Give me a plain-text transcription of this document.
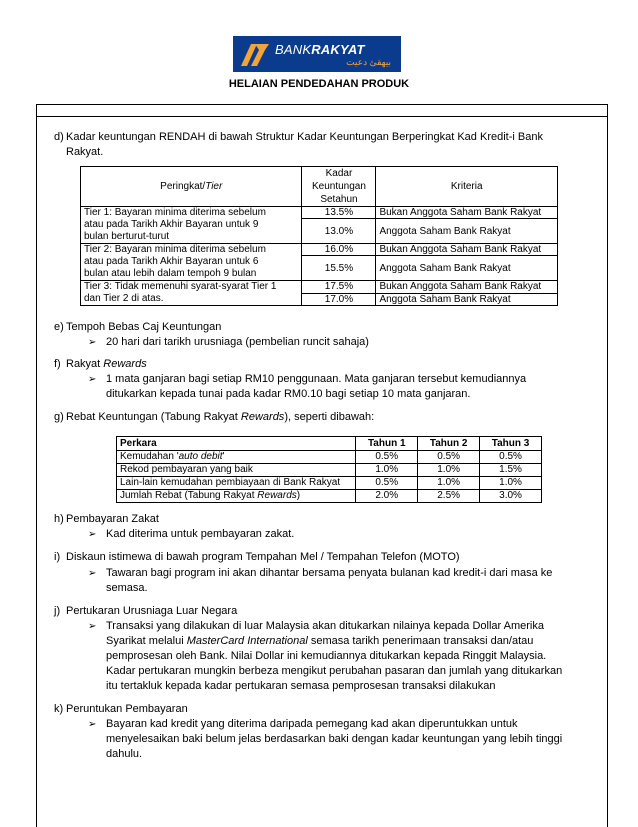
BANKRAKYAT
بيهقئ دعيت
HELAIAN PENDEDAHAN PRODUK
d) Kadar keuntungan RENDAH di bawah Struktur Kadar Keuntungan Berperingkat Kad Kredit-i Bank
Rakyat.
Peringkat/Tier	Kadar
Keuntungan
Setahun	Kriteria
Tier 1: Bayaran minima diterima sebelum
atau pada Tarikh Akhir Bayaran untuk 9
bulan berturut-turut	13.5%	Bukan Anggota Saham Bank Rakyat
	13.0%	Anggota Saham Bank Rakyat
Tier 2: Bayaran minima diterima sebelum
atau pada Tarikh Akhir Bayaran untuk 6
bulan atau lebih dalam tempoh 9 bulan	16.0%	Bukan Anggota Saham Bank Rakyat
	15.5%	Anggota Saham Bank Rakyat
Tier 3: Tidak memenuhi syarat-syarat Tier 1
dan Tier 2 di atas.	17.5%	Bukan Anggota Saham Bank Rakyat
	17.0%	Anggota Saham Bank Rakyat
e) Tempoh Bebas Caj Keuntungan
➢ 20 hari dari tarikh urusniaga (pembelian runcit sahaja)
f) Rakyat Rewards
➢ 1 mata ganjaran bagi setiap RM10 penggunaan. Mata ganjaran tersebut kemudiannya
ditukarkan kepada tunai pada kadar RM0.10 bagi setiap 10 mata ganjaran.
g) Rebat Keuntungan (Tabung Rakyat Rewards), seperti dibawah:
Perkara	Tahun 1	Tahun 2	Tahun 3
Kemudahan 'auto debit'	0.5%	0.5%	0.5%
Rekod pembayaran yang baik	1.0%	1.0%	1.5%
Lain-lain kemudahan pembiayaan di Bank Rakyat	0.5%	1.0%	1.0%
Jumlah Rebat (Tabung Rakyat Rewards)	2.0%	2.5%	3.0%
h) Pembayaran Zakat
➢ Kad diterima untuk pembayaran zakat.
i) Diskaun istimewa di bawah program Tempahan Mel / Tempahan Telefon (MOTO)
➢ Tawaran bagi program ini akan dihantar bersama penyata bulanan kad kredit-i dari masa ke
semasa.
j) Pertukaran Urusniaga Luar Negara
➢ Transaksi yang dilakukan di luar Malaysia akan ditukarkan nilainya kepada Dollar Amerika
Syarikat melalui MasterCard International semasa tarikh penerimaan transaksi dan/atau
pemprosesan oleh Bank. Nilai Dollar ini kemudiannya ditukarkan kepada Ringgit Malaysia.
Kadar pertukaran mungkin berbeza mengikut perubahan pasaran dan jumlah yang ditukarkan
itu tertakluk kepada kadar pertukaran semasa pemprosesan transaksi dilakukan
k) Peruntukan Pembayaran
➢ Bayaran kad kredit yang diterima daripada pemegang kad akan diperuntukkan untuk
menyelesaikan baki belum jelas berdasarkan baki dengan kadar keuntungan yang lebih tinggi
dahulu.
